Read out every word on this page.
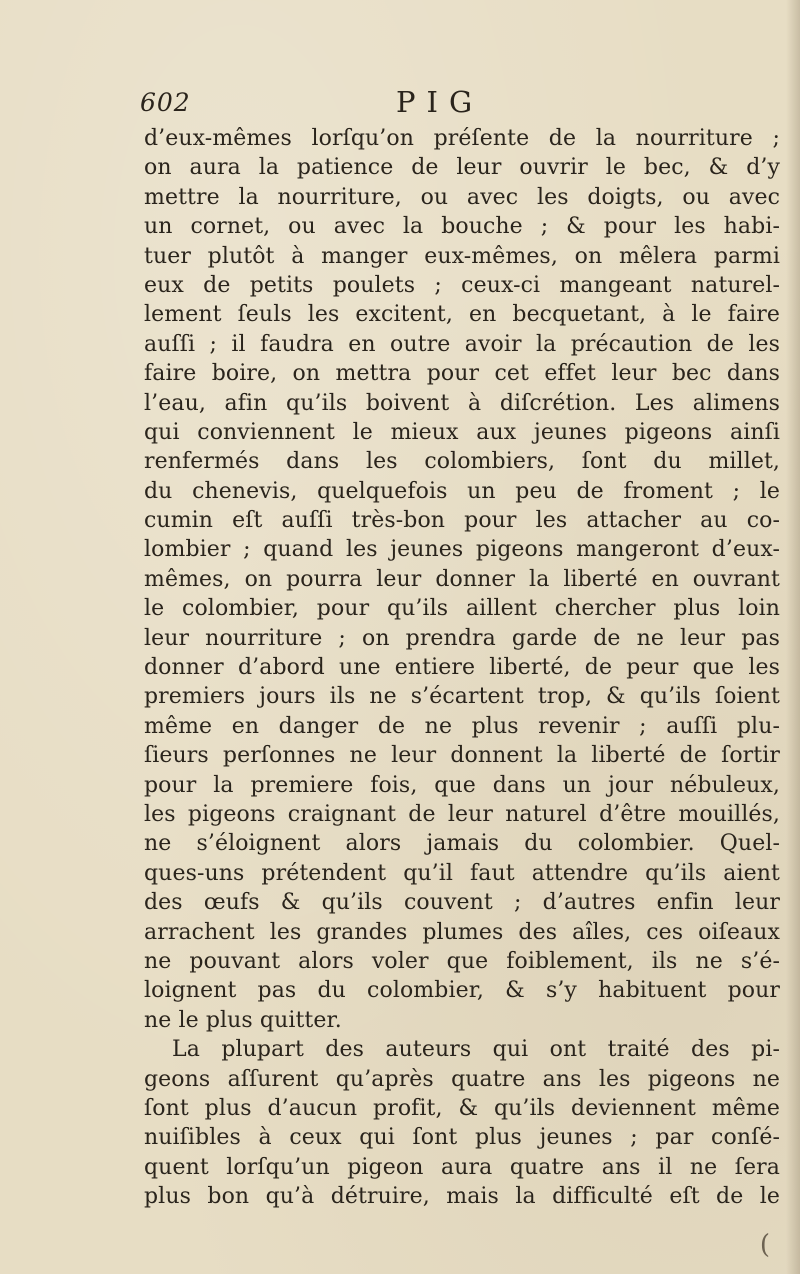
602	PIG
d’eux-mêmes lorſqu’on préſente de la nourriture ;
on aura la patience de leur ouvrir le bec, & d’y
mettre la nourriture, ou avec les doigts, ou avec
un cornet, ou avec la bouche ; & pour les habi-
tuer plutôt à manger eux-mêmes, on mêlera parmi
eux de petits poulets ; ceux-ci mangeant naturel-
lement ſeuls les excitent, en becquetant, à le faire
auſſi ; il faudra en outre avoir la précaution de les
faire boire, on mettra pour cet effet leur bec dans
l’eau, afin qu’ils boivent à diſcrétion. Les alimens
qui conviennent le mieux aux jeunes pigeons ainſi
renfermés dans les colombiers, ſont du millet,
du chenevis, quelquefois un peu de froment ; le
cumin eſt auſſi très-bon pour les attacher au co-
lombier ; quand les jeunes pigeons mangeront d’eux-
mêmes, on pourra leur donner la liberté en ouvrant
le colombier, pour qu’ils aillent chercher plus loin
leur nourriture ; on prendra garde de ne leur pas
donner d’abord une entiere liberté, de peur que les
premiers jours ils ne s’écartent trop, & qu’ils ſoient
même en danger de ne plus revenir ; auſſi plu-
ſieurs perſonnes ne leur donnent la liberté de ſortir
pour la premiere fois, que dans un jour nébuleux,
les pigeons craignant de leur naturel d’être mouillés,
ne s’éloignent alors jamais du colombier. Quel-
ques-uns prétendent qu’il faut attendre qu’ils aient
des œufs & qu’ils couvent ; d’autres enfin leur
arrachent les grandes plumes des aîles, ces oiſeaux
ne pouvant alors voler que foiblement, ils ne s’é-
loignent pas du colombier, & s’y habituent pour
ne le plus quitter.
La plupart des auteurs qui ont traité des pi-
geons aſſurent qu’après quatre ans les pigeons ne
ſont plus d’aucun profit, & qu’ils deviennent même
nuiſibles à ceux qui ſont plus jeunes ; par conſé-
quent lorſqu’un pigeon aura quatre ans il ne ſera
plus bon qu’à détruire, mais la difficulté eſt de le
(
